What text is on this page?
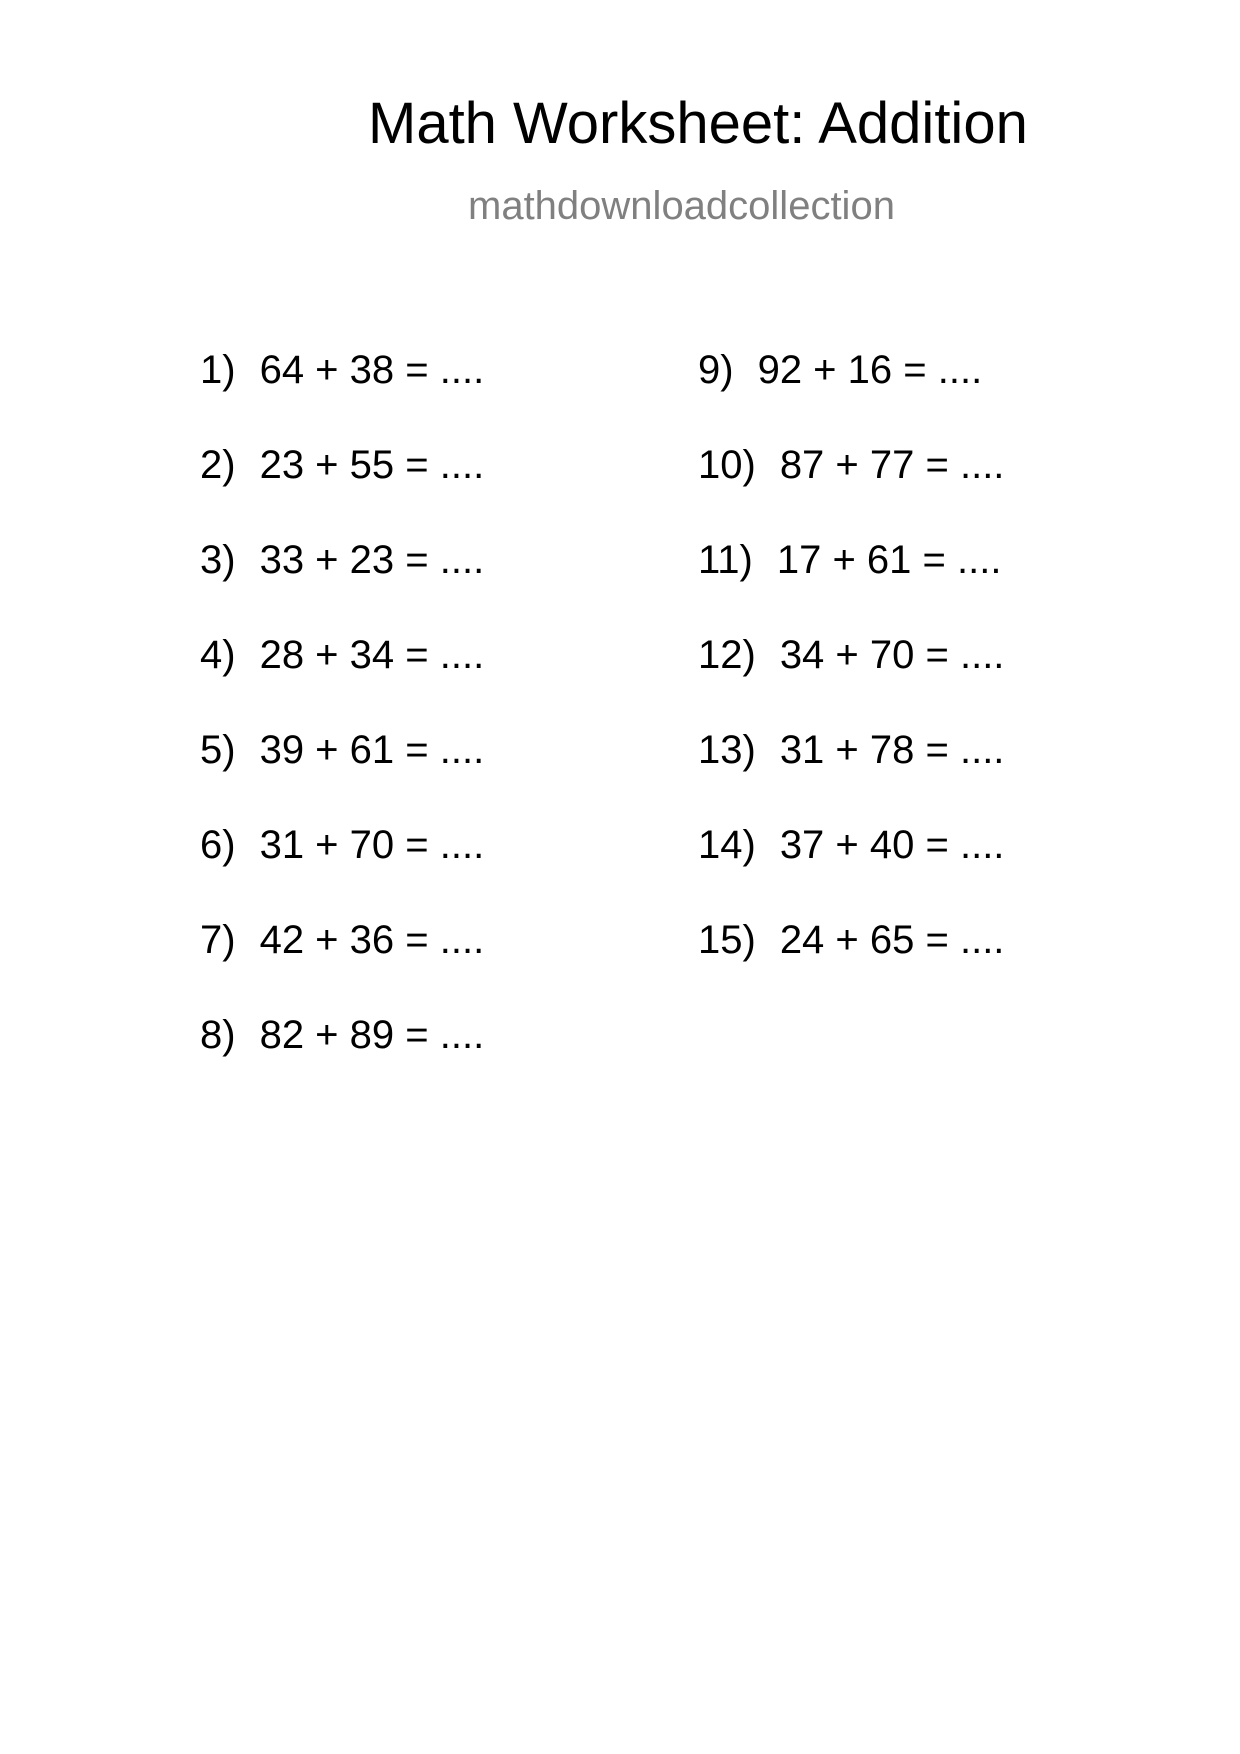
Math Worksheet: Addition
mathdownloadcollection
1) 64 + 38 = ....
2) 23 + 55 = ....
3) 33 + 23 = ....
4) 28 + 34 = ....
5) 39 + 61 = ....
6) 31 + 70 = ....
7) 42 + 36 = ....
8) 82 + 89 = ....
9) 92 + 16 = ....
10) 87 + 77 = ....
11) 17 + 61 = ....
12) 34 + 70 = ....
13) 31 + 78 = ....
14) 37 + 40 = ....
15) 24 + 65 = ....
